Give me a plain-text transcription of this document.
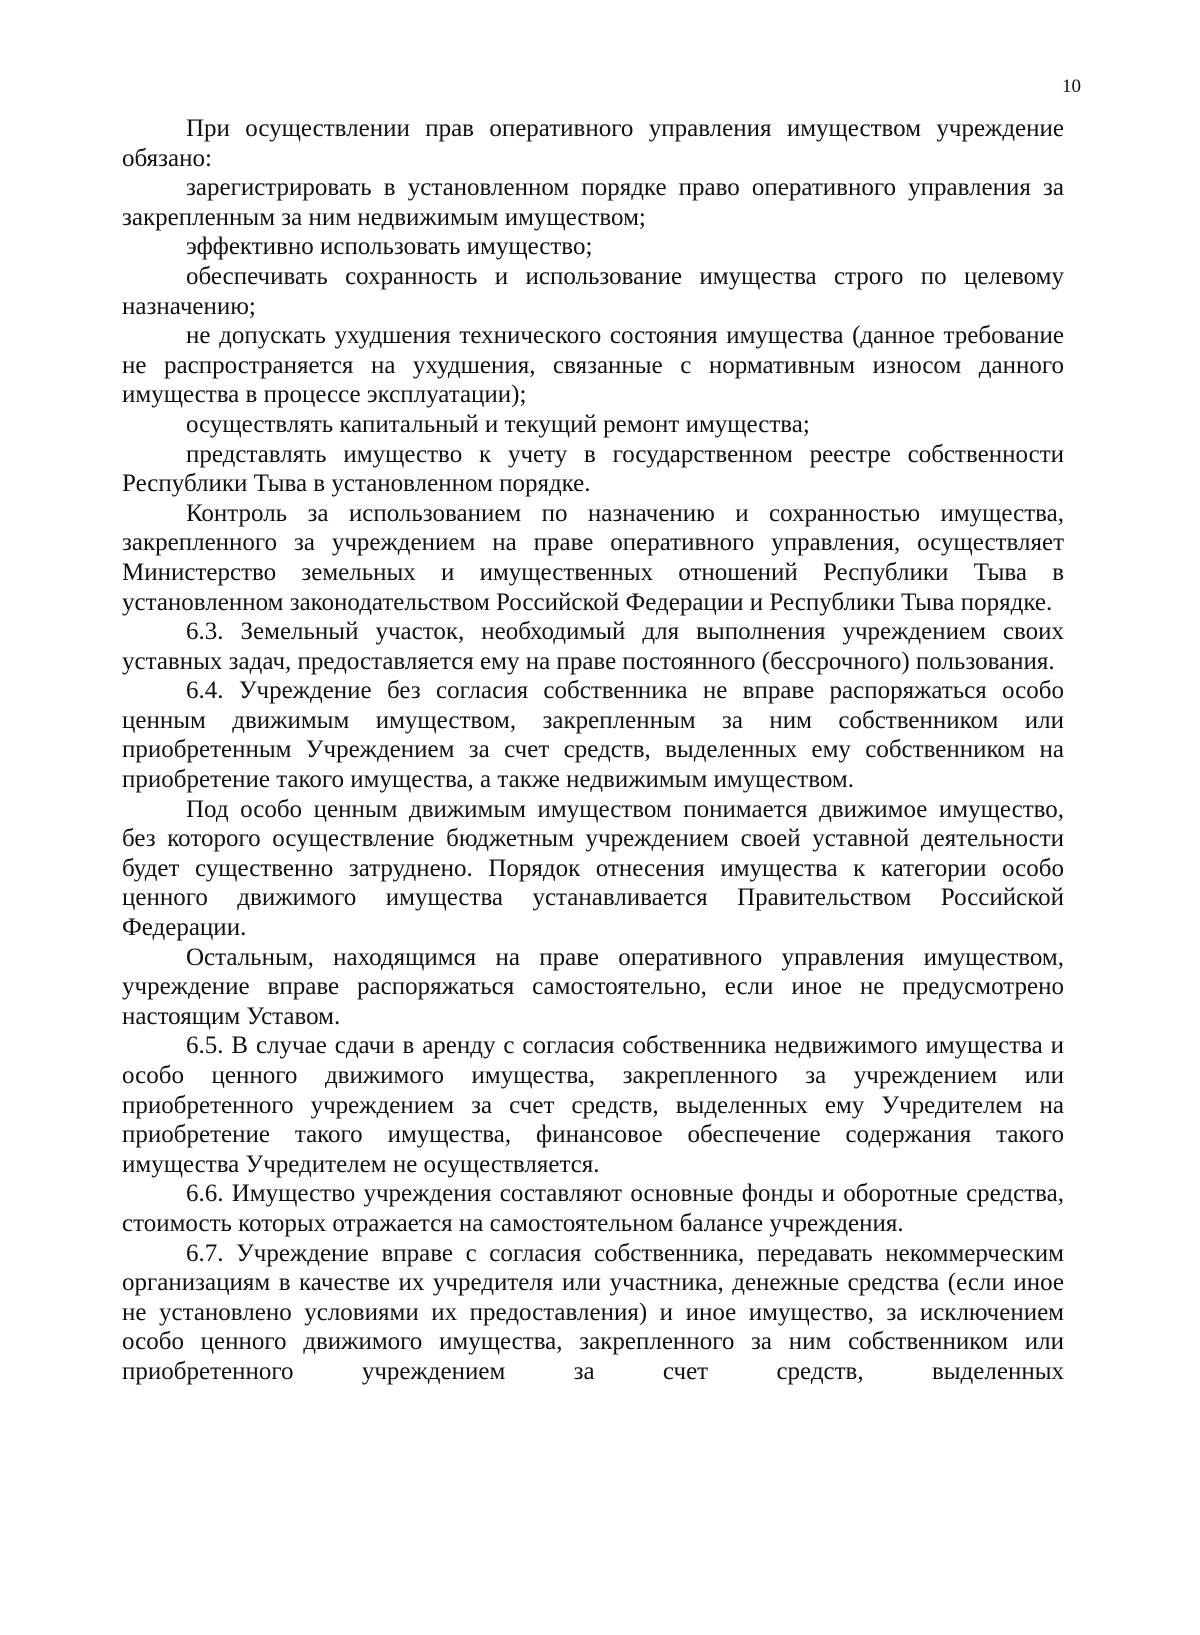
10

При осуществлении прав оперативного управления имуществом учреждение обязано:

зарегистрировать в установленном порядке право оперативного управления за закрепленным за ним недвижимым имуществом;

эффективно использовать имущество;

обеспечивать сохранность и использование имущества строго по целевому назначению;

не допускать ухудшения технического состояния имущества (данное требование не распространяется на ухудшения, связанные с нормативным износом данного имущества в процессе эксплуатации);

осуществлять капитальный и текущий ремонт имущества;

представлять имущество к учету в государственном реестре собственности Республики Тыва в установленном порядке.

Контроль за использованием по назначению и сохранностью имущества, закрепленного за учреждением на праве оперативного управления, осуществляет Министерство земельных и имущественных отношений Республики Тыва в установленном законодательством Российской Федерации и Республики Тыва порядке.

6.3. Земельный участок, необходимый для выполнения учреждением своих уставных задач, предоставляется ему на праве постоянного (бессрочного) пользования.

6.4. Учреждение без согласия собственника не вправе распоряжаться особо ценным движимым имуществом, закрепленным за ним собственником или приобретенным Учреждением за счет средств, выделенных ему собственником на приобретение такого имущества, а также недвижимым имуществом.

Под особо ценным движимым имуществом понимается движимое имущество, без которого осуществление бюджетным учреждением своей уставной деятельности будет существенно затруднено. Порядок отнесения имущества к категории особо ценного движимого имущества устанавливается Правительством Российской Федерации.

Остальным, находящимся на праве оперативного управления имуществом, учреждение вправе распоряжаться самостоятельно, если иное не предусмотрено настоящим Уставом.

6.5. В случае сдачи в аренду с согласия собственника недвижимого имущества и особо ценного движимого имущества, закрепленного за учреждением или приобретенного учреждением за счет средств, выделенных ему Учредителем на приобретение такого имущества, финансовое обеспечение содержания такого имущества Учредителем не осуществляется.

6.6. Имущество учреждения составляют основные фонды и оборотные средства, стоимость которых отражается на самостоятельном балансе учреждения.

6.7. Учреждение вправе с согласия собственника, передавать некоммерческим организациям в качестве их учредителя или участника, денежные средства (если иное не установлено условиями их предоставления) и иное имущество, за исключением особо ценного движимого имущества, закрепленного за ним собственником или приобретенного учреждением за счет средств, выделенных
